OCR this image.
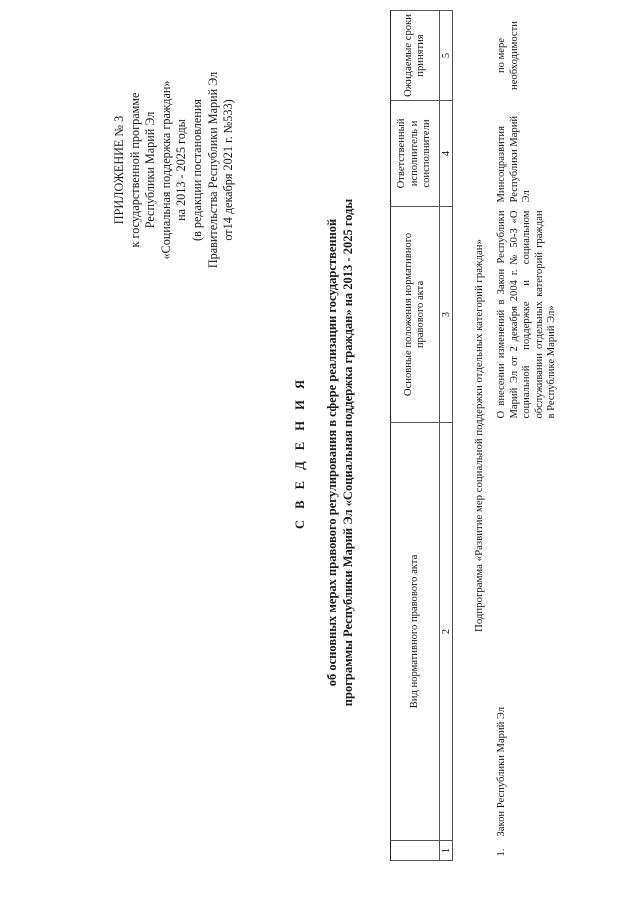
ПРИЛОЖЕНИЕ № 3 к государственной программе Республики Марий Эл «Социальная поддержка граждан» на 2013 - 2025 годы (в редакции постановления Правительства Республики Марий Эл от14 декабря 2021 г. №533)
С В Е Д Е Н И Я об основных мерах правового регулирования в сфере реализации государственной программы Республики Марий Эл «Социальная поддержка граждан» на 2013 - 2025 годы
		Вид нормативного правового акта	Основные положения нормативного правового акта	Ответственный исполнитель и соисполнители	Ожидаемые сроки принятия
1	2	3	4	5
Подпрограмма «Развитие мер социальной поддержки отдельных категорий граждан»				
1.	Закон Республики Марий Эл	О внесении изменений в Закон Республики Марий Эл от 2 декабря 2004 г. № 50-З «О социальной поддержке и социальном обслуживании отдельных категорий граждан в Республике Марий Эл»	Минсоцразвития Республики Марий Эл	по мере необходимости
